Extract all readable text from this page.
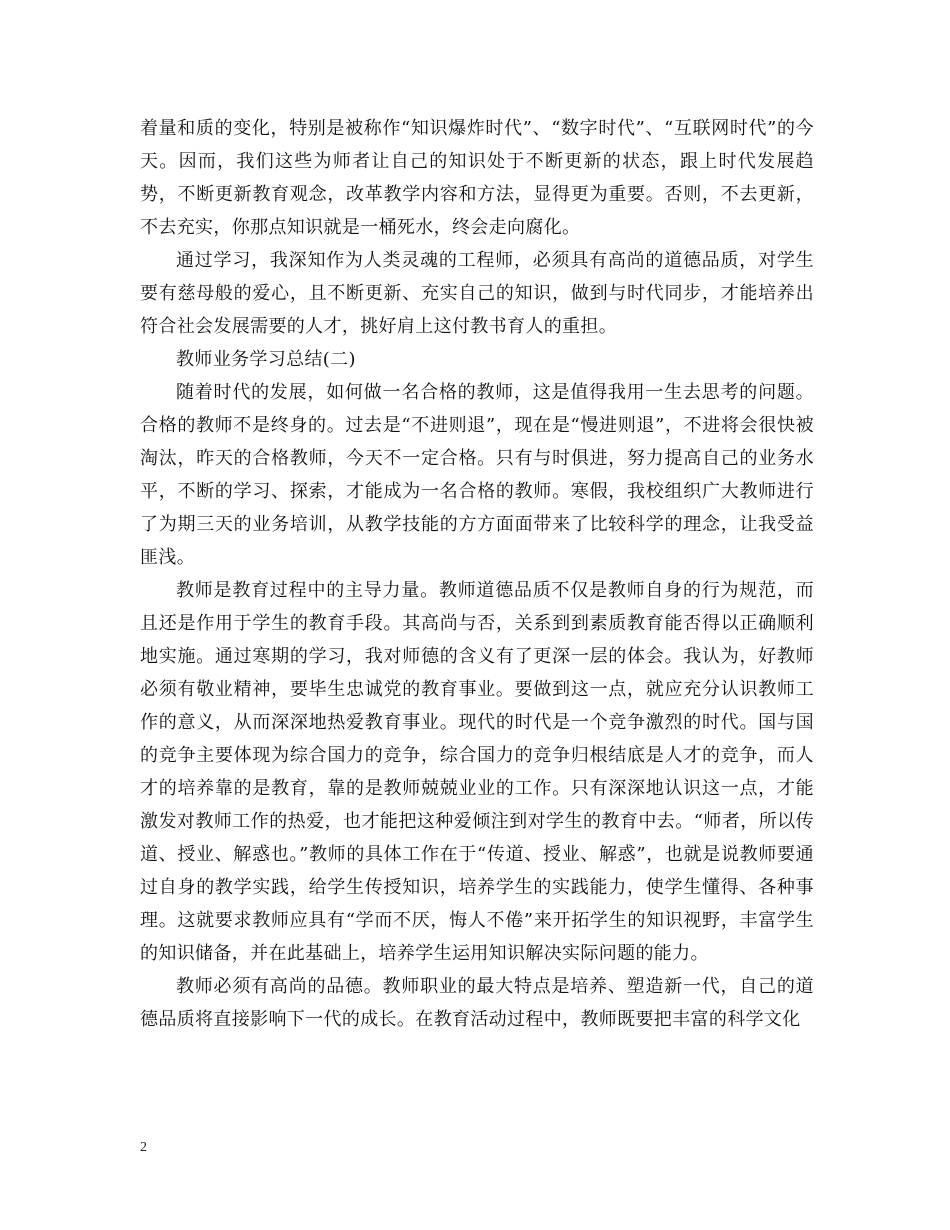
着量和质的变化，特别是被称作“知识爆炸时代”、“数字时代”、“互联网时代”的今天。因而，我们这些为师者让自己的知识处于不断更新的状态，跟上时代发展趋势，不断更新教育观念，改革教学内容和方法，显得更为重要。否则，不去更新，不去充实，你那点知识就是一桶死水，终会走向腐化。

通过学习，我深知作为人类灵魂的工程师，必须具有高尚的道德品质，对学生要有慈母般的爱心，且不断更新、充实自己的知识，做到与时代同步，才能培养出符合社会发展需要的人才，挑好肩上这付教书育人的重担。

教师业务学习总结(二)

随着时代的发展，如何做一名合格的教师，这是值得我用一生去思考的问题。合格的教师不是终身的。过去是“不进则退”，现在是“慢进则退”，不进将会很快被淘汰，昨天的合格教师，今天不一定合格。只有与时俱进，努力提高自己的业务水平，不断的学习、探索，才能成为一名合格的教师。寒假，我校组织广大教师进行了为期三天的业务培训，从教学技能的方方面面带来了比较科学的理念，让我受益匪浅。

教师是教育过程中的主导力量。教师道德品质不仅是教师自身的行为规范，而且还是作用于学生的教育手段。其高尚与否，关系到到素质教育能否得以正确顺利地实施。通过寒期的学习，我对师德的含义有了更深一层的体会。我认为，好教师必须有敬业精神，要毕生忠诚党的教育事业。要做到这一点，就应充分认识教师工作的意义，从而深深地热爱教育事业。现代的时代是一个竞争激烈的时代。国与国的竞争主要体现为综合国力的竞争，综合国力的竞争归根结底是人才的竞争，而人才的培养靠的是教育，靠的是教师兢兢业业的工作。只有深深地认识这一点，才能激发对教师工作的热爱，也才能把这种爱倾注到对学生的教育中去。“师者，所以传道、授业、解惑也。”教师的具体工作在于“传道、授业、解惑”，也就是说教师要通过自身的教学实践，给学生传授知识，培养学生的实践能力，使学生懂得、各种事理。这就要求教师应具有“学而不厌，悔人不倦”来开拓学生的知识视野，丰富学生的知识储备，并在此基础上，培养学生运用知识解决实际问题的能力。

教师必须有高尚的品德。教师职业的最大特点是培养、塑造新一代，自己的道德品质将直接影响下一代的成长。在教育活动过程中，教师既要把丰富的科学文化

2
